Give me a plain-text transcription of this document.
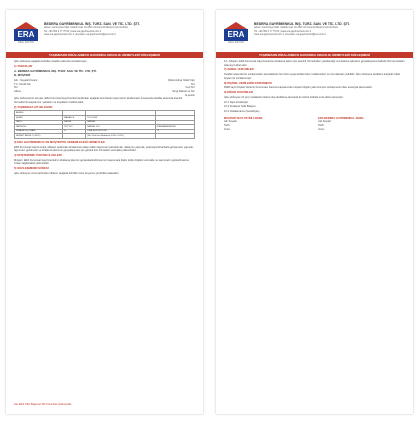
ERA
REAL ESTATE
BEDERA GAYRİMENKUL İNŞ. TURZ. SAN. VE TİC. LTD. ŞTİ.
Adres: Cumhuriyet Mah. Ataturk Cad. No:35/1 10 Kurucuk Merkezi Çorum/Kars
Tel: +90 352 2 77 75 02 | www.era-gayrimenkul.com.tr
www.era-gayrimenkul.com.tr | E-posta: era-gayrimenkul@era.com.tr
TAŞINMAZIN KİRALANMASI HAKKINDA ARACILIK HİZMETLERİ SÖZLEŞMESİ
İşbu sözleşme aşağıda belirtilen taraflar arasında imzalanmıştır.
1) TARAFLAR
A- BEDERA GAYRİMENKUL İNŞ. TURZ. SAN. VE TİC. LTD. ŞTİ.
B- MÜŞTERİ
Adı - Soyadı/Ünvanı:	Şirket Adına Yetkili Kişi:
T.C. Kimlik No:	Tel:
Tel:	Cep Tel:
Adres:	Vergi Dairesi ve No:
E-posta:
İşbu sözleşmenin konusu; ERA Kurumsal Gayrimenkul tarafından aşağıda tanımlanan taşınmazın kiralanması hususunda taraflar arasında aracılık hizmetlerinin kapsamını, şartlarını ve koşullarını belirlemektir.
2) TAŞINMAZA AİT BİLGİLER
ADRES			
ŞEHİR	MAHALLE	İLİ İLÇESİ	
TAPU	SAYFA	PARSEL	
PAFTA NO	CİLT NO	PARSEL NO	KİRALAMA BEDELİ
KİRA ARTIŞ ORANI	%	KİRA DEPOZİTOSU	TL
HİZMET BEDELİ (+KDV)		(Bir Yıllık Kira Bedelinin %10'u +KDV)	
3) ERA GAYRİMENKUL'UN MÜŞTERİYE VEREBİLECEĞİ HİZMETLER
ERA Kurumsal Gayrimenkul, Müşteri tarafından kiralanması talep edilen taşınmazı pazarlamak, reklamını yapmak, potansiyel kiracılarla görüşmeler yapmak, taşınmazı gezdirmek ve kiralama işleminin gerçekleşmesi için gerekli tüm hizmetleri sunmakla yükümlüdür.
4) MÜŞTERİNİN YÜKÜMLÜLÜKLERİ
Müşteri, ERA Kurumsal Gayrimenkul'un kiralama işlemini gerçekleştirebilmesi için taşınmaza ilişkin doğru bilgileri vermekle ve taşınmazın gösterilmesine imkan sağlamakla yükümlüdür.
5) SÖZLEŞMENİN SÜRESİ
İşbu sözleşme imza tarihinden itibaren aşağıda belirtilen süre boyunca yürürlükte kalacaktır.
Her ERA Ofisi Bağımsız Bir Franchise İşletmesidir.
ERA
REAL ESTATE
BEDERA GAYRİMENKUL İNŞ. TURZ. SAN. VE TİC. LTD. ŞTİ.
Adres: Cumhuriyet Mah. Ataturk Cad. No:35/1 10 Kurucuk Merkezi Çorum/Kars
Tel: +90 352 2 77 75 02 | www.era-gayrimenkul.com.tr
www.era-gayrimenkul.com.tr | E-posta: era-gayrimenkul@era.com.tr
TAŞINMAZIN KİRALANMASI HAKKINDA ARACILIK HİZMETLERİ SÖZLEŞMESİ
6.1- Müşteri, ERA Kurumsal Gayrimenkul'un kiralama işlemi için aracılık hizmetinden yararlandığı ve kiralama işleminin gerçekleşmesi halinde hizmet bedelini ödemeyi kabul eder.
7) GENEL HÜKÜMLER
Taraflar arasında bu sözleşmeden kaynaklanan her türlü uyuşmazlıkta Kars mahkemeleri ve icra daireleri yetkilidir. İşbu sözleşme tarafların karşılıklı irade beyanı ile imzalanmıştır.
8) KİŞİSEL VERİLERİN KORUNMASI
6698 sayılı Kişisel Verilerin Korunması Kanunu kapsamında müşteri bilgileri yalnızca işbu sözleşmenin ifası amacıyla işlenecektir.
9) DİĞER HÜKÜMLER
İşbu sözleşme 10 (on) maddeden ibaret olup taraflarca okunarak iki nüsha halinde imza altına alınmıştır.
10.1 Tapu Fotokopisi
10.2 Kiralama Yetki Belgesi
10.3 Vekaletname (Gerekliyse)
MÜŞTERİ VEYA YETKİLİ ADINA
Adı Soyadı:
Tarih:
İmza:
ERA BEDERA GAYRİMENKUL ADINA
Adı Soyadı:
Tarih:
İmza:
